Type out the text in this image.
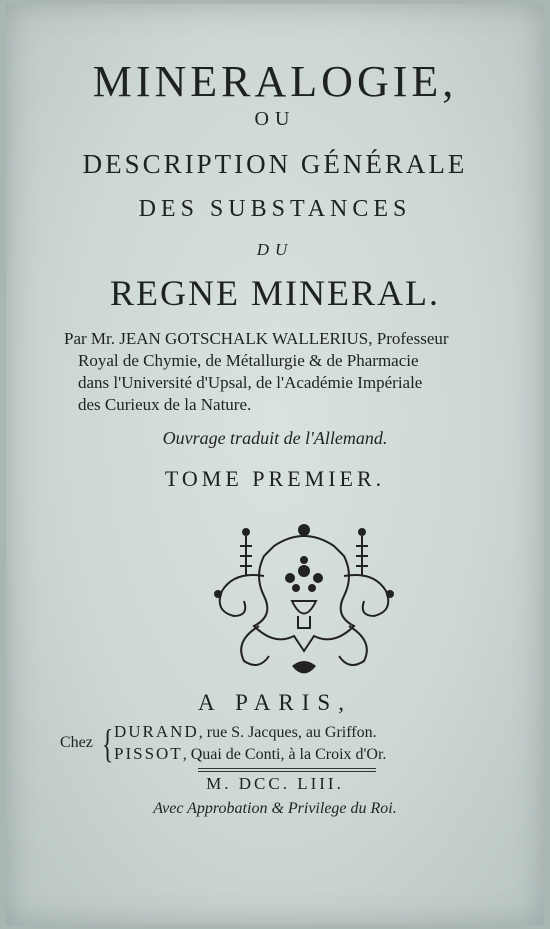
MINERALOGIE,
OU
DESCRIPTION GÉNÉRALE
DES SUBSTANCES
DU
REGNE MINERAL.
Par Mr. JEAN GOTSCHALK WALLERIUS, Professeur
Royal de Chymie, de Métallurgie & de Pharmacie
dans l'Université d'Upsal, de l'Académie Impériale
des Curieux de la Nature.
Ouvrage traduit de l'Allemand.
TOME PREMIER.
A PARIS,
Chez { DURAND, rue S. Jacques, au Griffon.
PISSOT, Quai de Conti, à la Croix d'Or.
M. DCC. LIII.
Avec Approbation & Privilege du Roi.
